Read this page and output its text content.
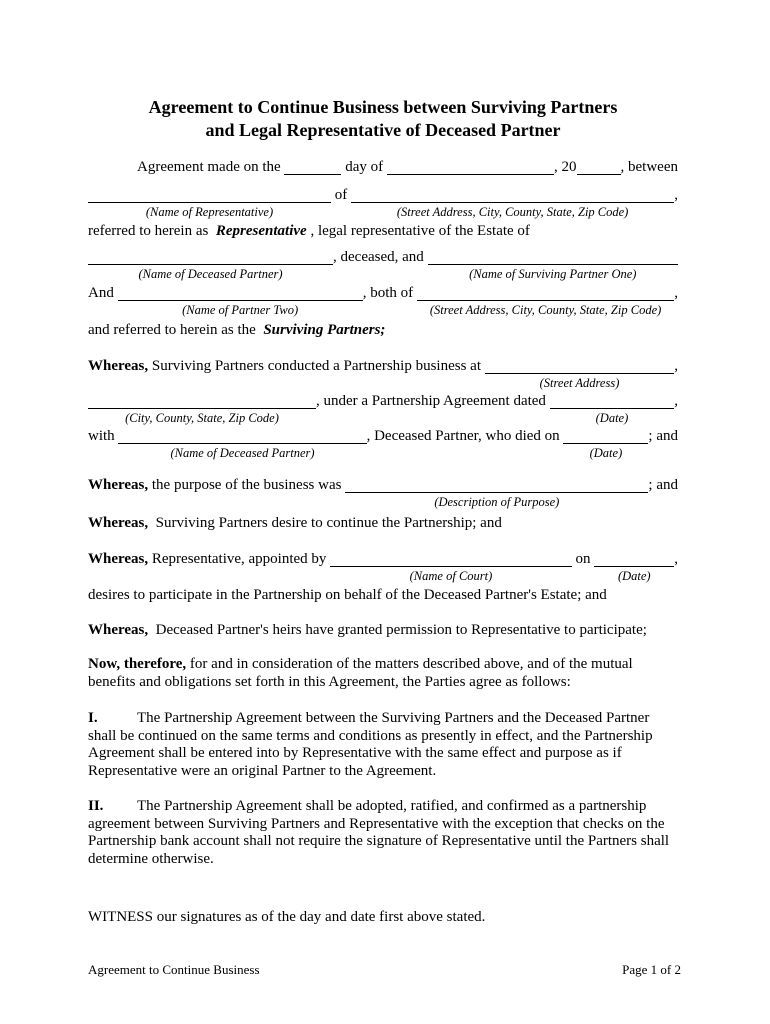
Agreement to Continue Business between Surviving Partners
and Legal Representative of Deceased Partner
Agreement made on the	day of	, 20	, between
of	,
(Name of Representative)	(Street Address, City, County, State, Zip Code)

referred to herein as  Representative , legal representative of the Estate of

, deceased, and
(Name of Deceased Partner)	(Name of Surviving Partner One)
And	, both of	,
(Name of Partner Two)	(Street Address, City, County, State, Zip Code)

and referred to herein as the  Surviving Partners;

Whereas, Surviving Partners conducted a Partnership business at	,
(Street Address)
, under a Partnership Agreement dated	,
(City, County, State, Zip Code)	(Date)
with	, Deceased Partner, who died on	; and
(Name of Deceased Partner)	(Date)
Whereas, the purpose of the business was	; and
(Description of Purpose)

Whereas,  Surviving Partners desire to continue the Partnership; and

Whereas, Representative, appointed by	on	,
(Name of Court)	(Date)

desires to participate in the Partnership on behalf of the Deceased Partner's Estate; and

Whereas,  Deceased Partner's heirs have granted permission to Representative to participate;

Now, therefore, for and in consideration of the matters described above, and of the mutual benefits and obligations set forth in this Agreement, the Parties agree as follows:

I.	The Partnership Agreement between the Surviving Partners and the Deceased Partner shall be continued on the same terms and conditions as presently in effect, and the Partnership Agreement shall be entered into by Representative with the same effect and purpose as if Representative were an original Partner to the Agreement.

II. The Partnership Agreement shall be adopted, ratified, and confirmed as a partnership agreement between Surviving Partners and Representative with the exception that checks on the Partnership bank account shall not require the signature of Representative until the Partners shall determine otherwise.

WITNESS our signatures as of the day and date first above stated.

Agreement to Continue Business	Page 1 of 2
